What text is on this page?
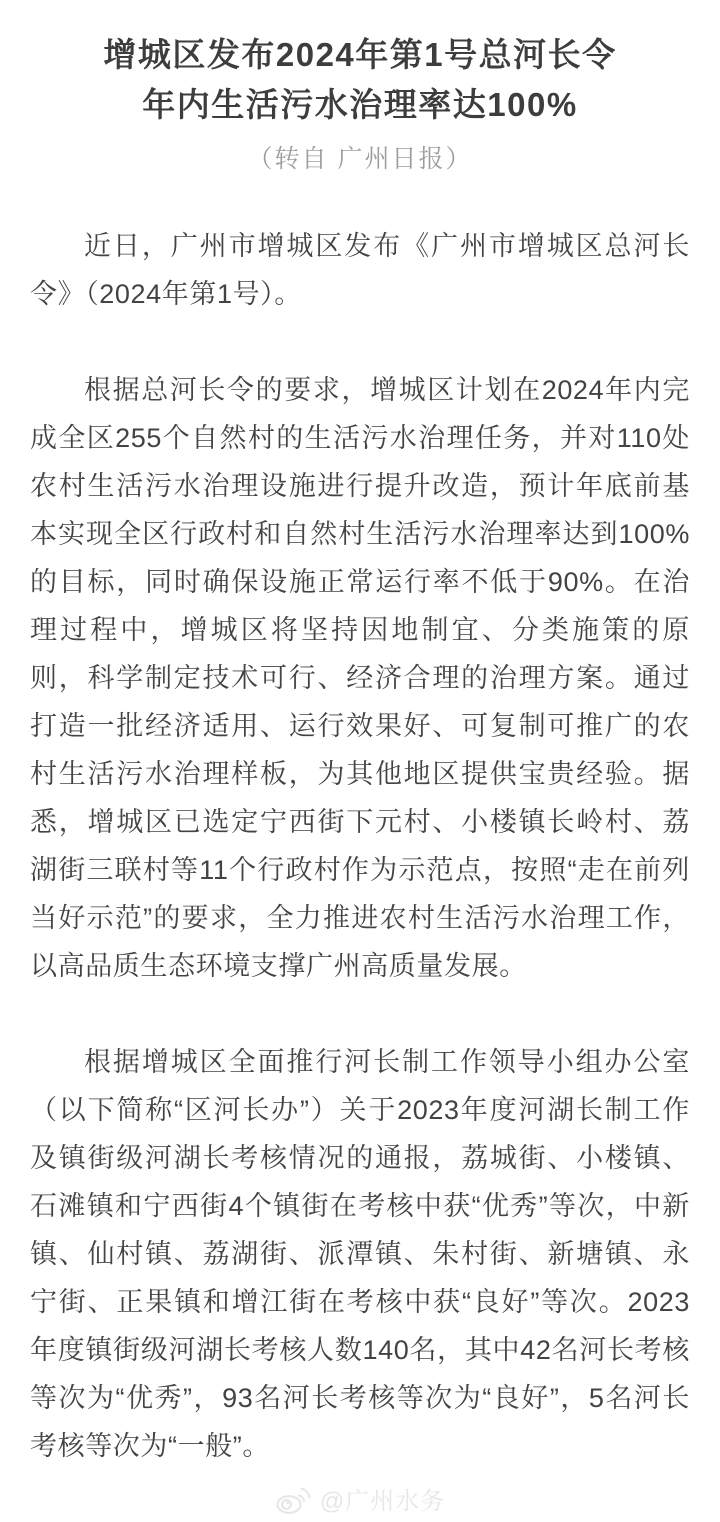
增城区发布2024年第1号总河长令
年内生活污水治理率达100%
（转自 广州日报）

近日，广州市增城区发布《广州市增城区总河长令》（2024年第1号）。

根据总河长令的要求，增城区计划在2024年内完成全区255个自然村的生活污水治理任务，并对110处农村生活污水治理设施进行提升改造，预计年底前基本实现全区行政村和自然村生活污水治理率达到100%的目标，同时确保设施正常运行率不低于90%。在治理过程中，增城区将坚持因地制宜、分类施策的原则，科学制定技术可行、经济合理的治理方案。通过打造一批经济适用、运行效果好、可复制可推广的农村生活污水治理样板，为其他地区提供宝贵经验。据悉，增城区已选定宁西街下元村、小楼镇长岭村、荔湖街三联村等11个行政村作为示范点，按照“走在前列当好示范”的要求，全力推进农村生活污水治理工作，以高品质生态环境支撑广州高质量发展。

根据增城区全面推行河长制工作领导小组办公室（以下简称“区河长办”）关于2023年度河湖长制工作及镇街级河湖长考核情况的通报，荔城街、小楼镇、石滩镇和宁西街4个镇街在考核中获“优秀”等次，中新镇、仙村镇、荔湖街、派潭镇、朱村街、新塘镇、永宁街、正果镇和增江街在考核中获“良好”等次。2023年度镇街级河湖长考核人数140名，其中42名河长考核等次为“优秀”，93名河长考核等次为“良好”，5名河长考核等次为“一般”。

@广州水务
